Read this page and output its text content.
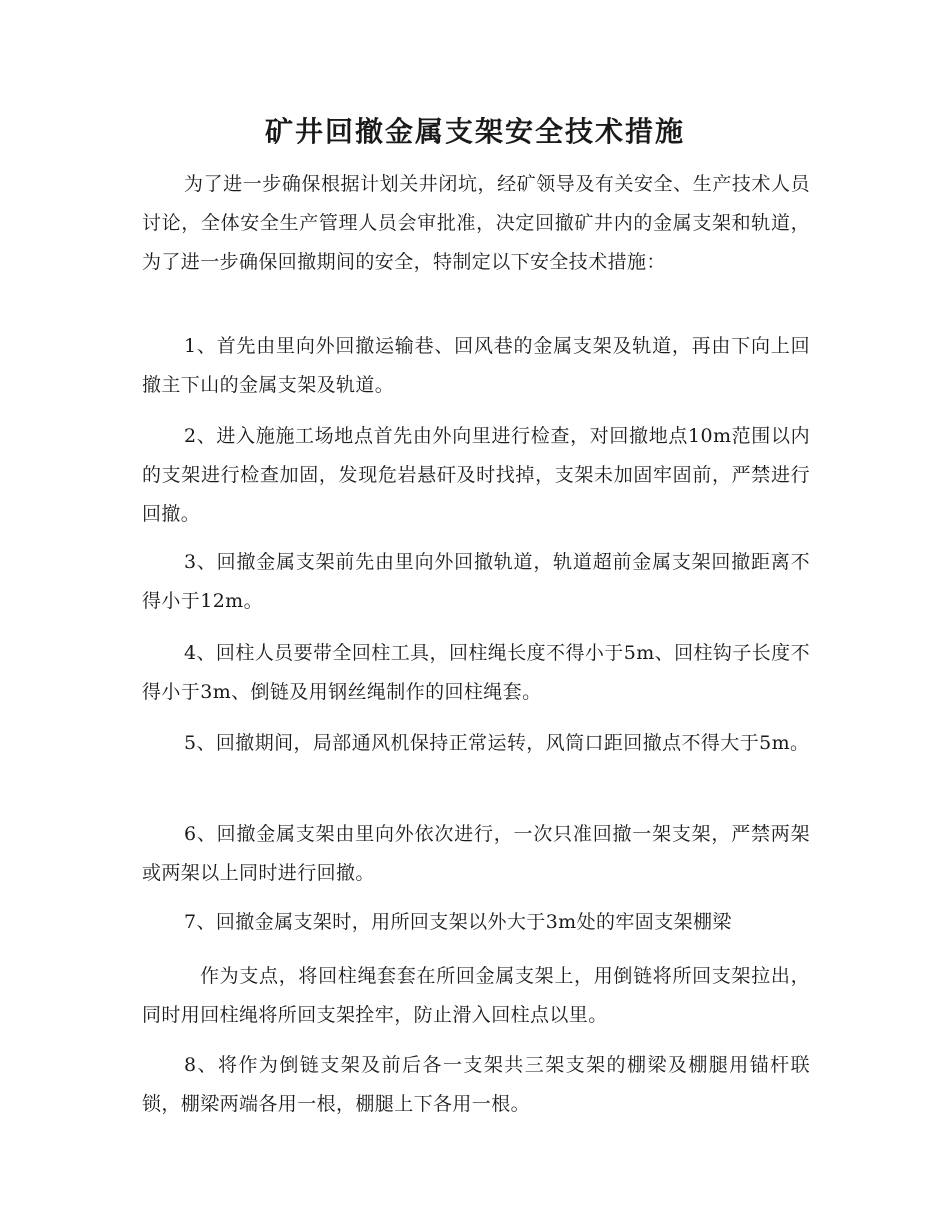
矿井回撤金属支架安全技术措施

为了进一步确保根据计划关井闭坑，经矿领导及有关安全、生产技术人员讨论，全体安全生产管理人员会审批准，决定回撤矿井内的金属支架和轨道，为了进一步确保回撤期间的安全，特制定以下安全技术措施：

1、首先由里向外回撤运输巷、回风巷的金属支架及轨道，再由下向上回撤主下山的金属支架及轨道。

2、进入施施工场地点首先由外向里进行检查，对回撤地点10m范围以内的支架进行检查加固，发现危岩悬矸及时找掉，支架未加固牢固前，严禁进行回撤。

3、回撤金属支架前先由里向外回撤轨道，轨道超前金属支架回撤距离不得小于12m。

4、回柱人员要带全回柱工具，回柱绳长度不得小于5m、回柱钩子长度不得小于3m、倒链及用钢丝绳制作的回柱绳套。

5、回撤期间，局部通风机保持正常运转，风筒口距回撤点不得大于5m。

6、回撤金属支架由里向外依次进行，一次只准回撤一架支架，严禁两架或两架以上同时进行回撤。

7、回撤金属支架时，用所回支架以外大于3m处的牢固支架棚梁

作为支点，将回柱绳套套在所回金属支架上，用倒链将所回支架拉出，同时用回柱绳将所回支架拴牢，防止滑入回柱点以里。

8、将作为倒链支架及前后各一支架共三架支架的棚梁及棚腿用锚杆联锁，棚梁两端各用一根，棚腿上下各用一根。
